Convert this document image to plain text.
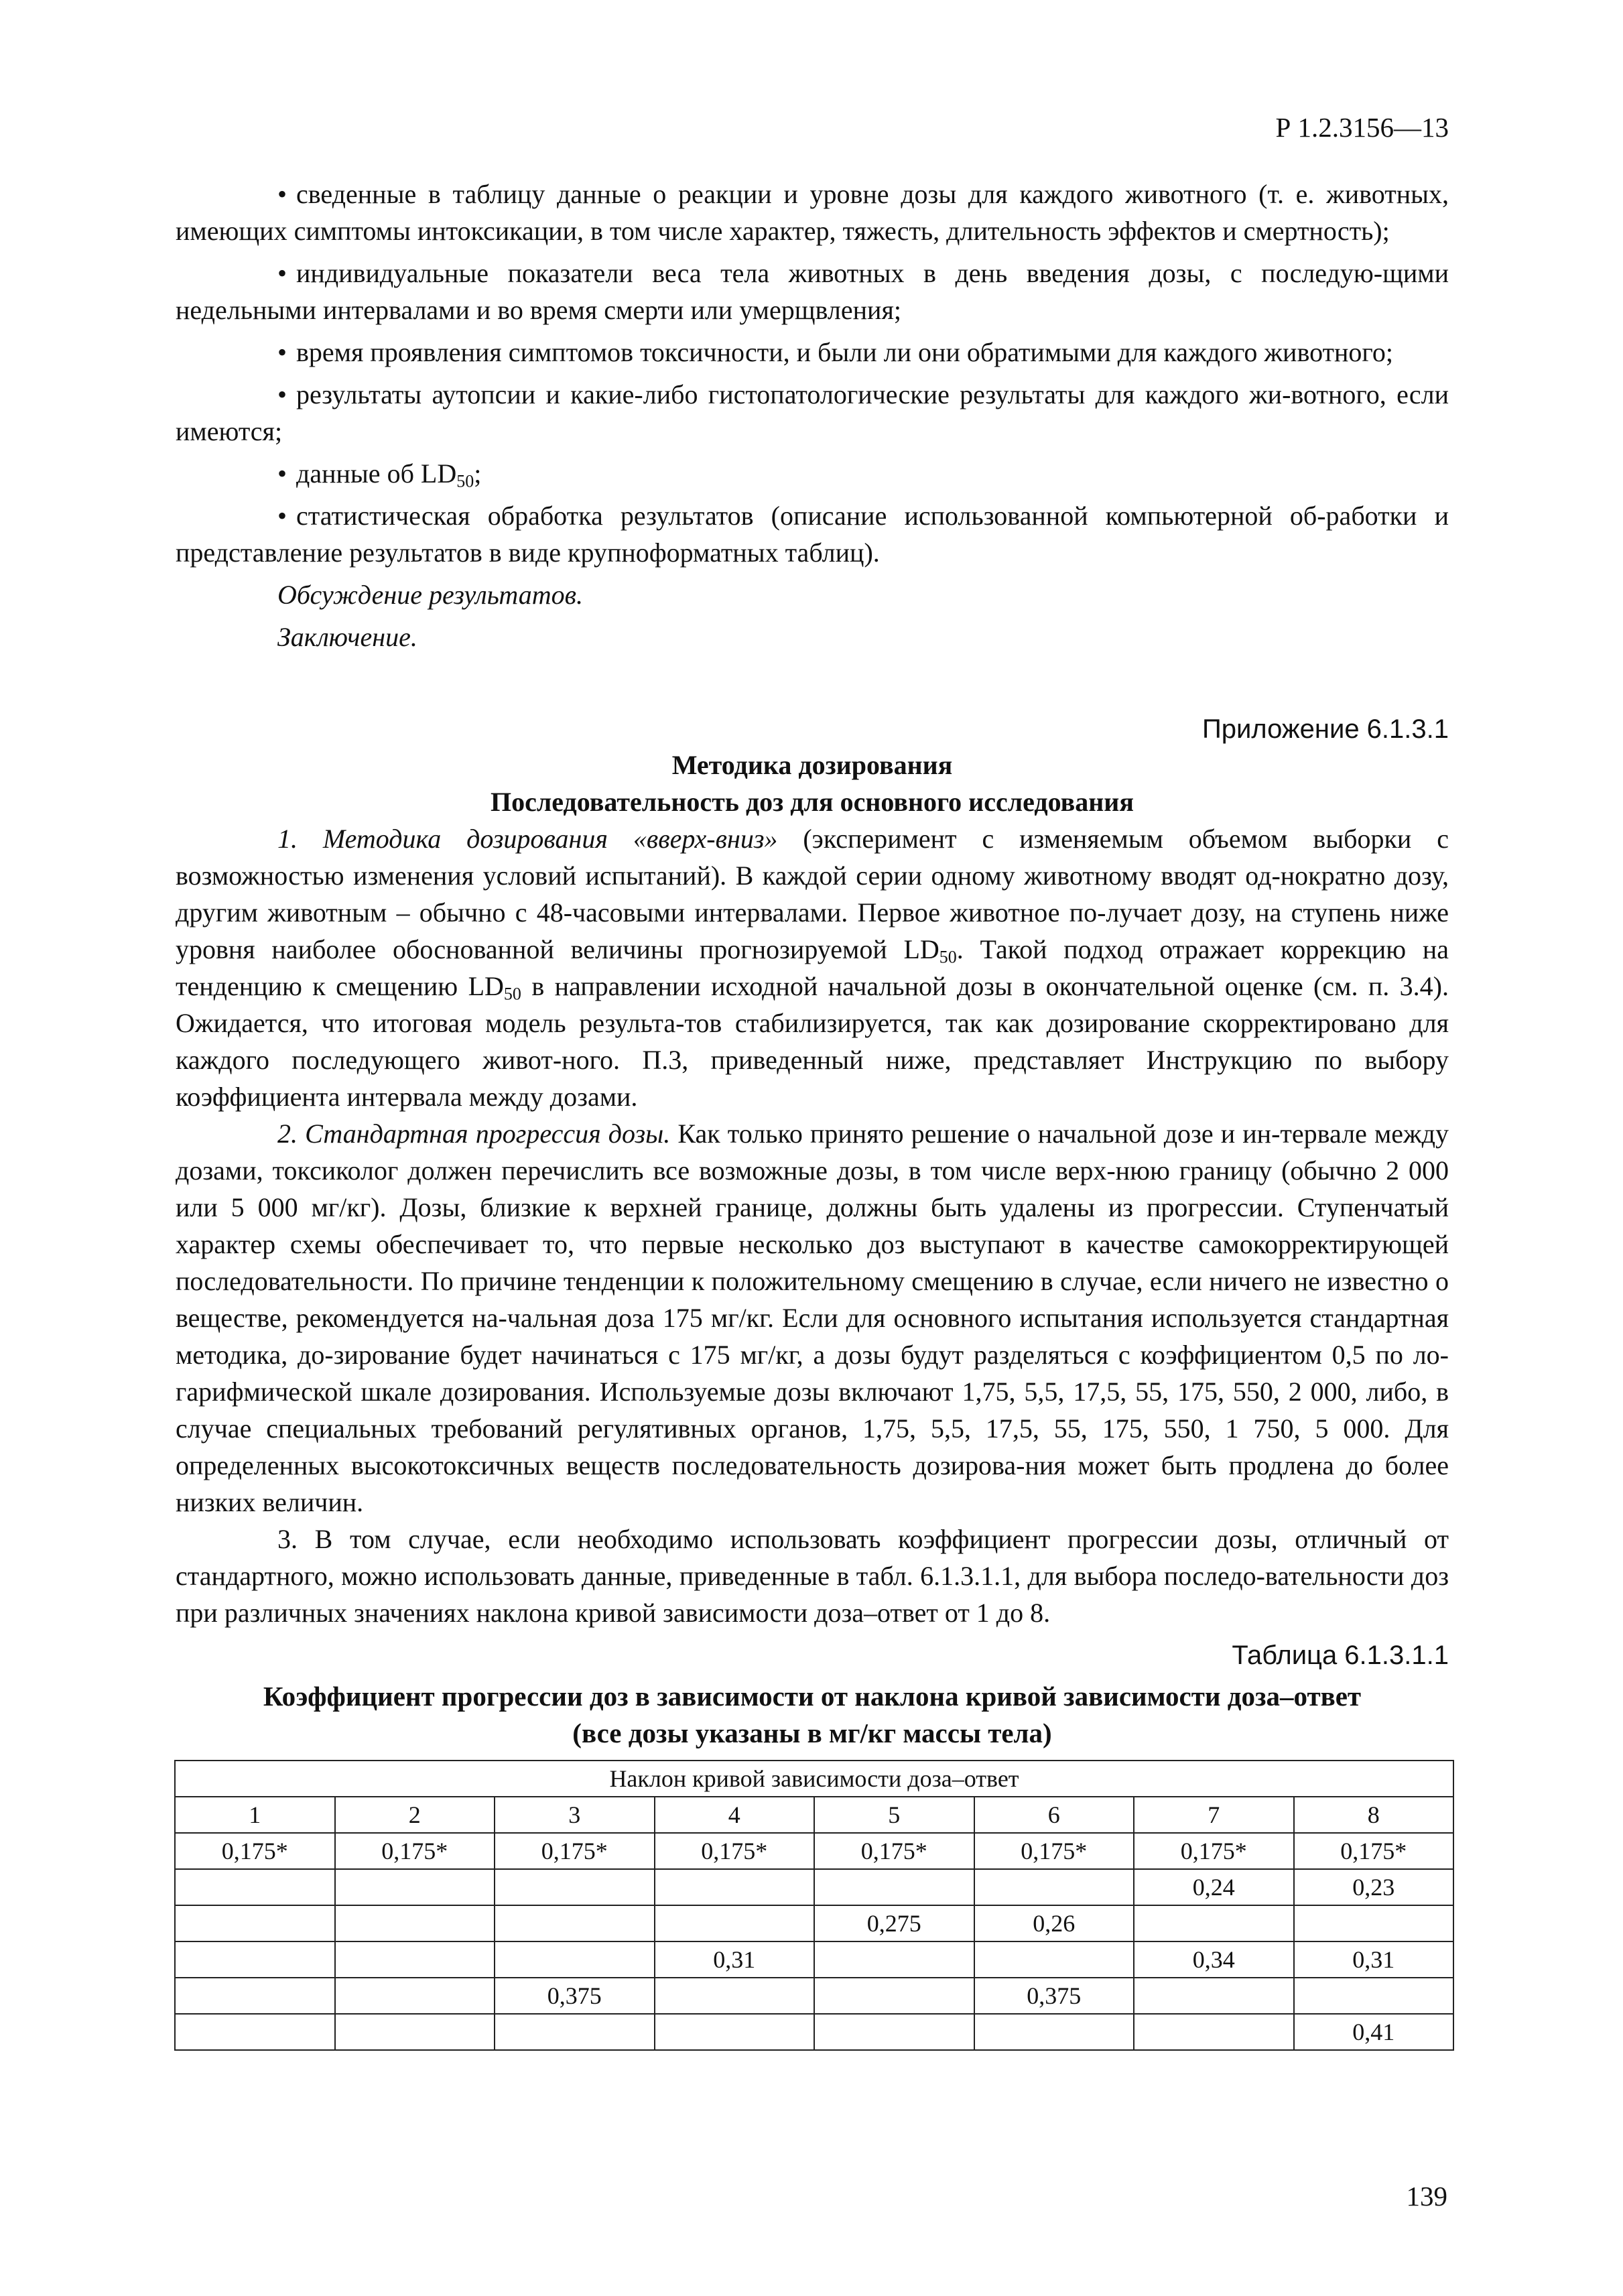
Р 1.2.3156—13

• сведенные в таблицу данные о реакции и уровне дозы для каждого животного (т. е. животных, имеющих симптомы интоксикации, в том числе характер, тяжесть, длительность эффектов и смертность);

• индивидуальные показатели веса тела животных в день введения дозы, с последую-щими недельными интервалами и во время смерти или умерщвления;

• время проявления симптомов токсичности, и были ли они обратимыми для каждого животного;

• результаты аутопсии и какие-либо гистопатологические результаты для каждого жи-вотного, если имеются;

• данные об $LD_{50}$;

• статистическая обработка результатов (описание использованной компьютерной об-работки и представление результатов в виде крупноформатных таблиц).

Обсуждение результатов.

Заключение.

Приложение 6.1.3.1

Методика дозирования

Последовательность доз для основного исследования

1. Методика дозирования «вверх-вниз» (эксперимент с изменяемым объемом выборки с возможностью изменения условий испытаний). В каждой серии одному животному вводят од-нократно дозу, другим животным – обычно с 48-часовыми интервалами. Первое животное по-лучает дозу, на ступень ниже уровня наиболее обоснованной величины прогнозируемой $LD_{50}$. Такой подход отражает коррекцию на тенденцию к смещению $LD_{50}$ в направлении исходной начальной дозы в окончательной оценке (см. п. 3.4). Ожидается, что итоговая модель результа-тов стабилизируется, так как дозирование скорректировано для каждого последующего живот-ного. П.3, приведенный ниже, представляет Инструкцию по выбору коэффициента интервала между дозами.

2. Стандартная прогрессия дозы. Как только принято решение о начальной дозе и ин-тервале между дозами, токсиколог должен перечислить все возможные дозы, в том числе верх-нюю границу (обычно 2 000 или 5 000 мг/кг). Дозы, близкие к верхней границе, должны быть удалены из прогрессии. Ступенчатый характер схемы обеспечивает то, что первые несколько доз выступают в качестве самокорректирующей последовательности. По причине тенденции к положительному смещению в случае, если ничего не известно о веществе, рекомендуется на-чальная доза 175 мг/кг. Если для основного испытания используется стандартная методика, до-зирование будет начинаться с 175 мг/кг, а дозы будут разделяться с коэффициентом 0,5 по ло-гарифмической шкале дозирования. Используемые дозы включают 1,75, 5,5, 17,5, 55, 175, 550, 2 000, либо, в случае специальных требований регулятивных органов, 1,75, 5,5, 17,5, 55, 175, 550, 1 750, 5 000. Для определенных высокотоксичных веществ последовательность дозирова-ния может быть продлена до более низких величин.

3. В том случае, если необходимо использовать коэффициент прогрессии дозы, отличный от стандартного, можно использовать данные, приведенные в табл. 6.1.3.1.1, для выбора последо-вательности доз при различных значениях наклона кривой зависимости доза–ответ от 1 до 8.

Таблица 6.1.3.1.1

Коэффициент прогрессии доз в зависимости от наклона кривой зависимости доза–ответ

(все дозы указаны в мг/кг массы тела)

Наклон кривой зависимости доза–ответ							
1	2	3	4	5	6	7	8
0,175*	0,175*	0,175*	0,175*	0,175*	0,175*	0,175*	0,175*
						0,24	0,23
				0,275	0,26		
			0,31			0,34	0,31
		0,375			0,375		
							0,41
139
